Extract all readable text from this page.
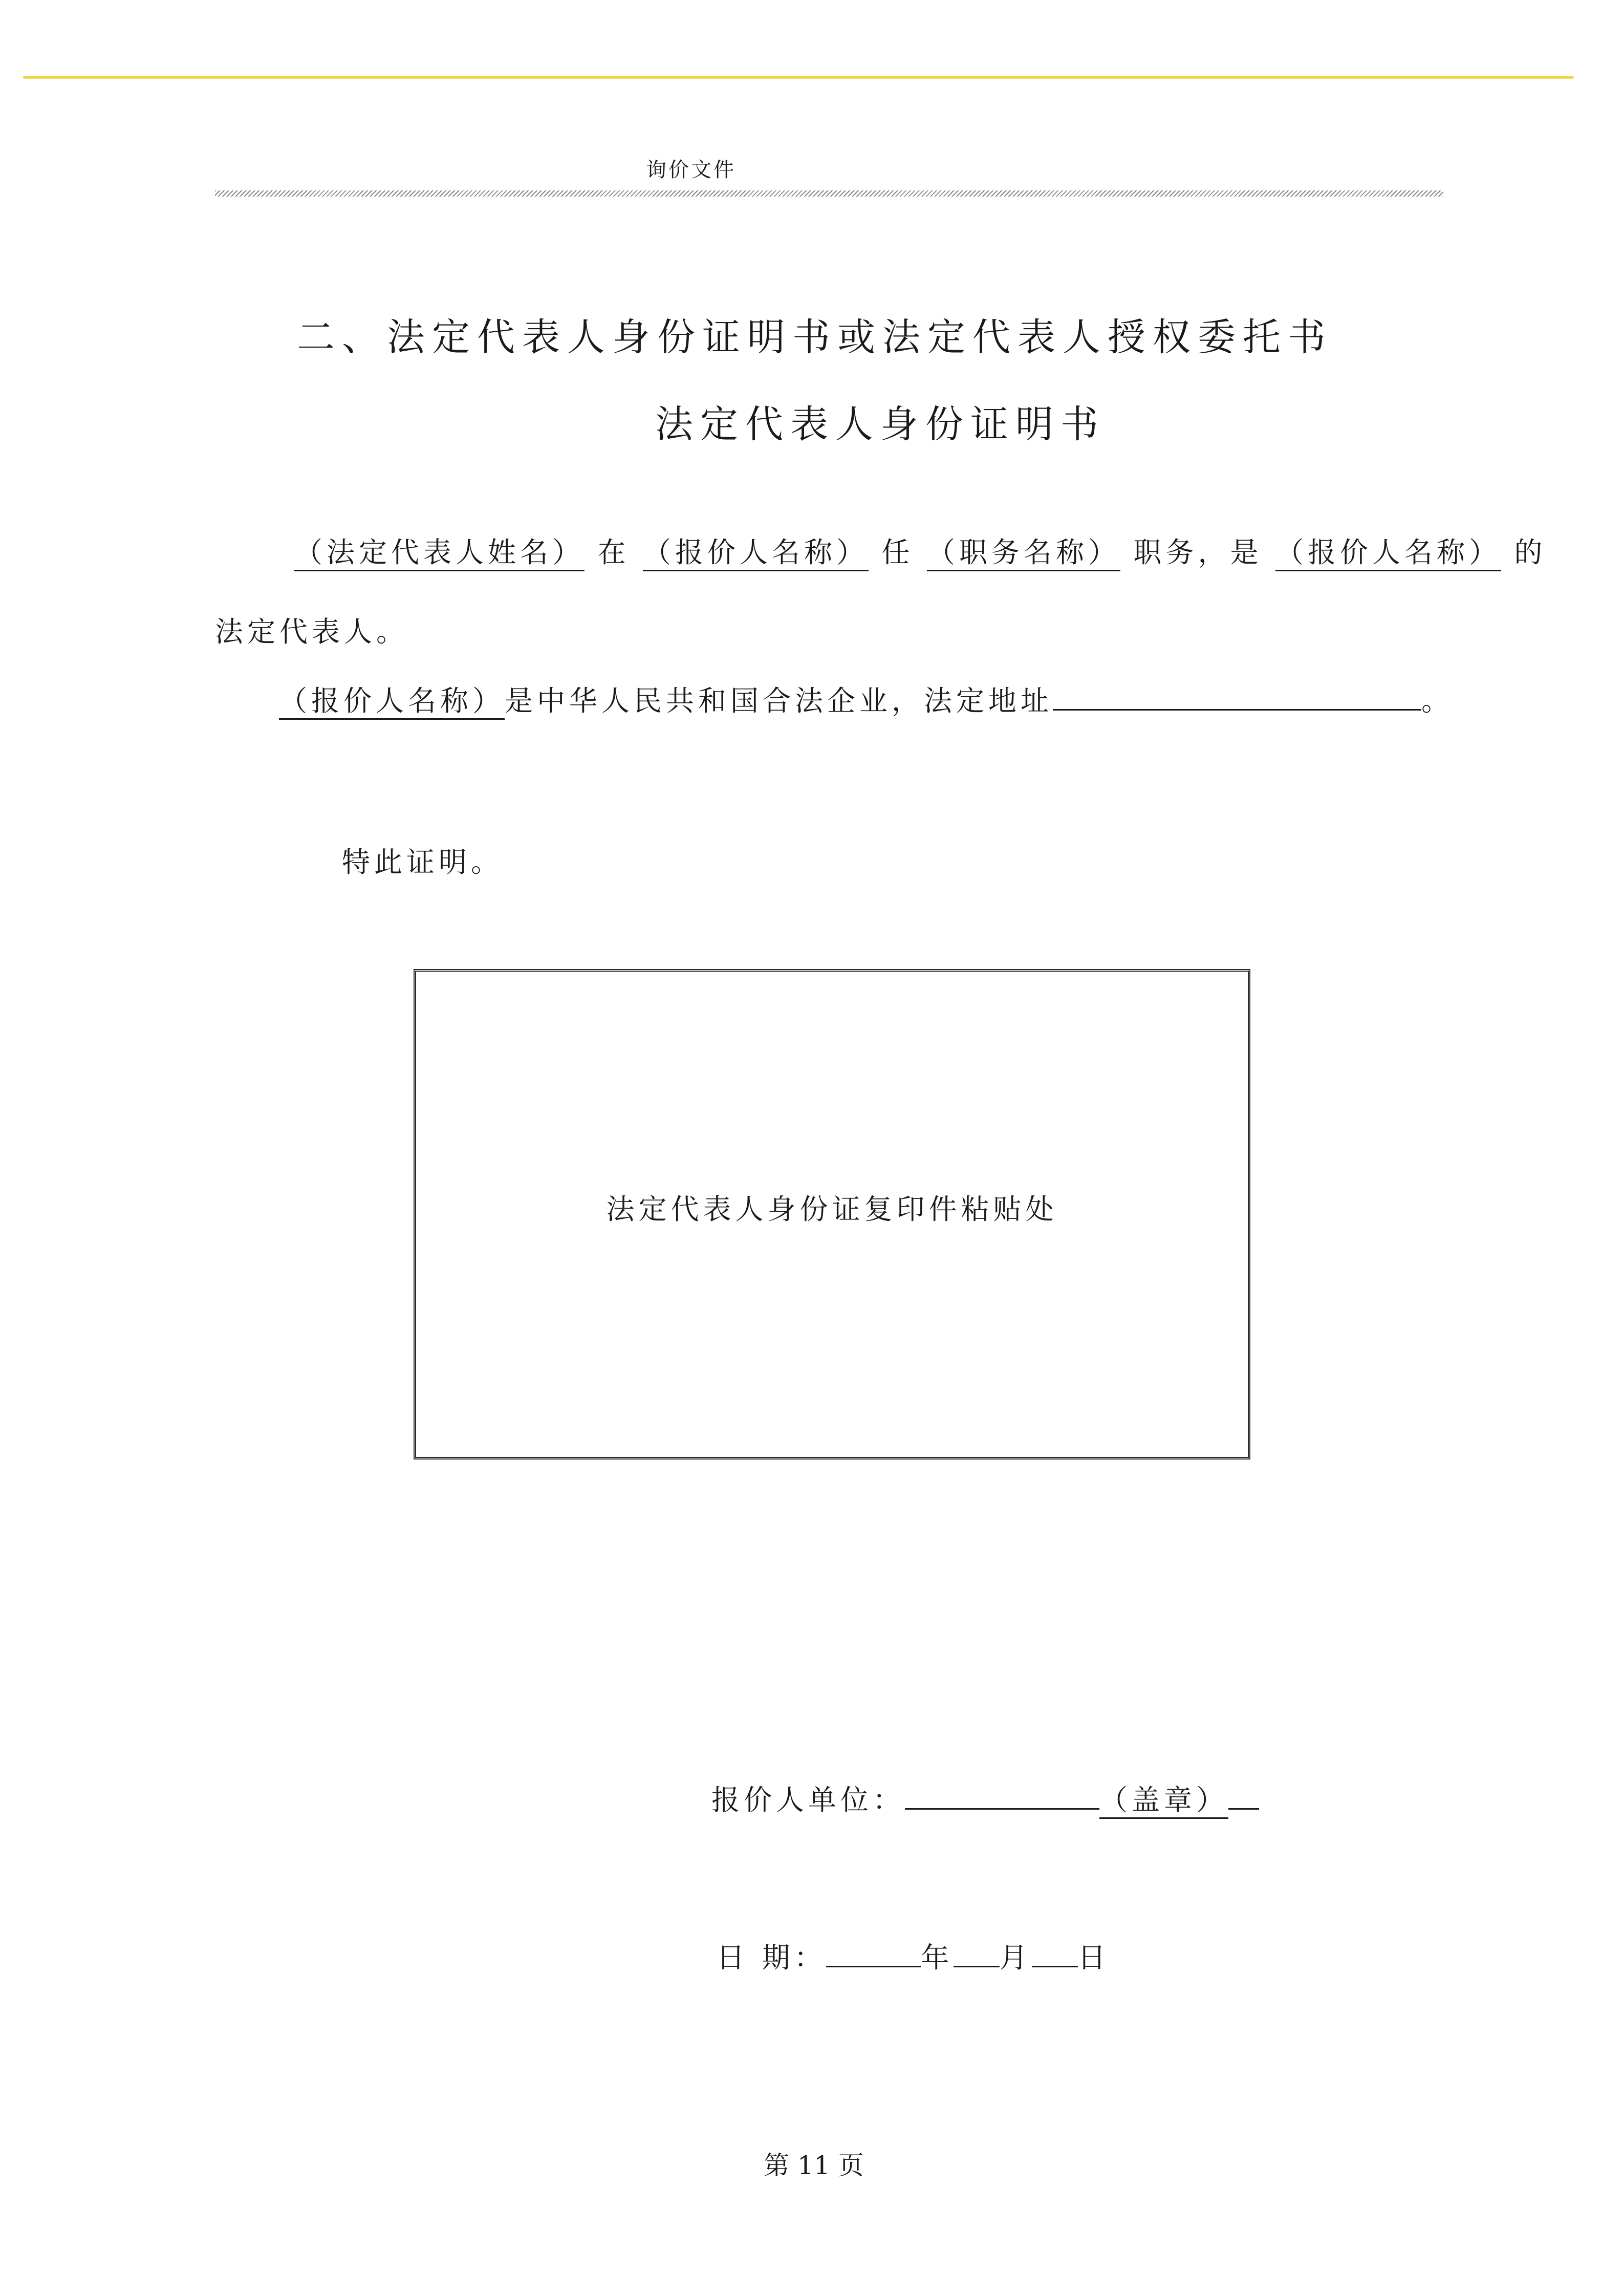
询价文件
二、法定代表人身份证明书或法定代表人授权委托书
法定代表人身份证明书
（法定代表人姓名） 在 （报价人名称） 任 （职务名称） 职务，是 （报价人名称） 的
法定代表人。
（报价人名称）是中华人民共和国合法企业，法定地址	。
特此证明。
法定代表人身份证复印件粘贴处
报价人单位：	（盖章）
日 期：	年 月 日
第 11 页
